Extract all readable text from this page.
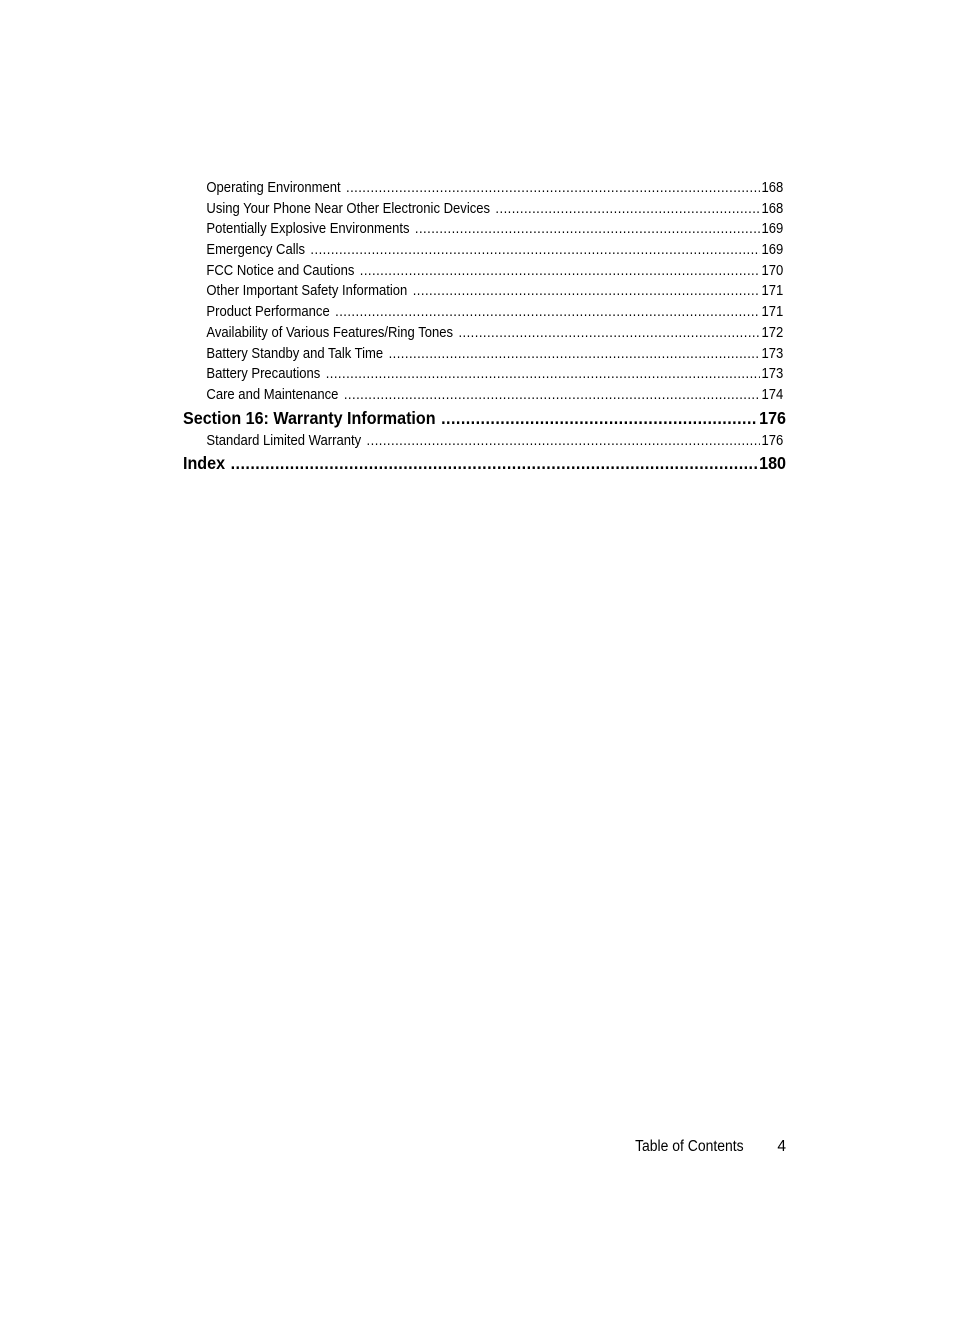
Operating Environment .....	168
Using Your Phone Near Other Electronic Devices .....	168
Potentially Explosive Environments .....	169
Emergency Calls .....	169
FCC Notice and Cautions .....	170
Other Important Safety Information .....	171
Product Performance .....	171
Availability of Various Features/Ring Tones .....	172
Battery Standby and Talk Time .....	173
Battery Precautions .....	173
Care and Maintenance .....	174
Section 16: Warranty Information .....	176
Standard Limited Warranty .....	176
Index .....	180
Table of Contents 4
